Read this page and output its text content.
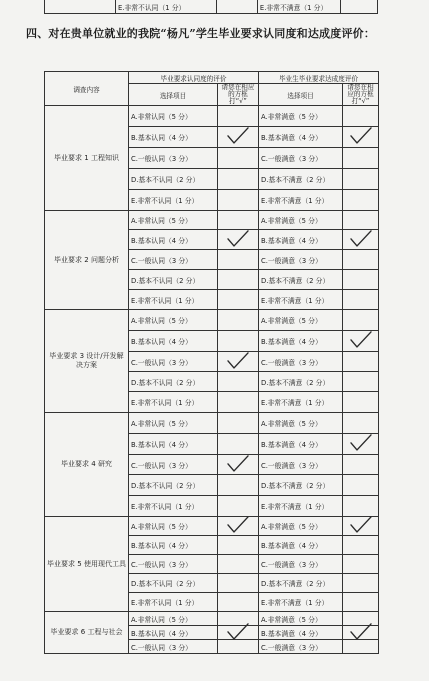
E.非常不认同（1 分）	E.非常不满意（1 分）
四、对在贵单位就业的我院“杨凡”学生毕业要求认同度和达成度评价：
调查内容	毕业要求认同度的评价		毕业生毕业要求达成度评价	
	选择项目	请您在相应的方框打“√”	选择项目	请您在相应的方框打“√”
毕业要求 1 工程知识	A.非常认同（5 分）		A.非常满意（5 分）	
	B.基本认同（4 分）		B.基本满意（4 分）	

	C.一般认同（3 分）		C.一般满意（3 分）	
	D.基本不认同（2 分）		D.基本不满意（2 分）	
	E.非常不认同（1 分）		E.非常不满意（1 分）	
毕业要求 2 问题分析	A.非常认同（5 分）		A.非常满意（5 分）	
	B.基本认同（4 分）		B.基本满意（4 分）	

	C.一般认同（3 分）		C.一般满意（3 分）	
	D.基本不认同（2 分）		D.基本不满意（2 分）	
	E.非常不认同（1 分）		E.非常不满意（1 分）	
毕业要求 3 设计/开发解决方案	A.非常认同（5 分）		A.非常满意（5 分）	
	B.基本认同（4 分）		B.基本满意（4 分）	

	C.一般认同（3 分）		C.一般满意（3 分）	
	D.基本不认同（2 分）		D.基本不满意（2 分）	
	E.非常不认同（1 分）		E.非常不满意（1 分）	
毕业要求 4 研究	A.非常认同（5 分）		A.非常满意（5 分）	
	B.基本认同（4 分）		B.基本满意（4 分）	

	C.一般认同（3 分）		C.一般满意（3 分）	
	D.基本不认同（2 分）		D.基本不满意（2 分）	
	E.非常不认同（1 分）		E.非常不满意（1 分）	
毕业要求 5 使用现代工具	A.非常认同（5 分）		A.非常满意（5 分）	

	B.基本认同（4 分）		B.基本满意（4 分）	
	C.一般认同（3 分）		C.一般满意（3 分）	
	D.基本不认同（2 分）		D.基本不满意（2 分）	
	E.非常不认同（1 分）		E.非常不满意（1 分）	
毕业要求 6 工程与社会	A.非常认同（5 分）		A.非常满意（5 分）	
	B.基本认同（4 分）		B.基本满意（4 分）	

	C.一般认同（3 分）		C.一般满意（3 分）	
